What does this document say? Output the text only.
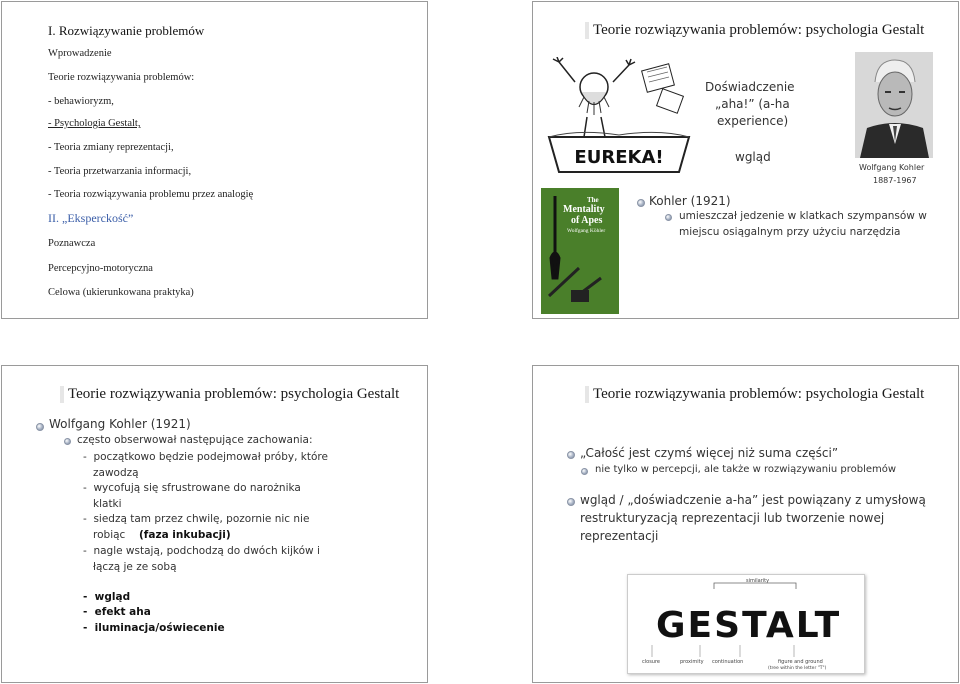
I. Rozwiązywanie problemów
Wprowadzenie
Teorie rozwiązywania problemów:
- behawioryzm,
- Psychologia Gestalt,
- Teoria zmiany reprezentacji,
- Teoria przetwarzania informacji,
- Teoria rozwiązywania problemu przez analogię
II. „Eksperckość”
Poznawcza
Percepcyjno-motoryczna
Celowa (ukierunkowana praktyka)
Teorie rozwiązywania problemów: psychologia Gestalt
EUREKA!
The
Mentality
of Apes
Wolfgang Köhler
Doświadczenie
„aha!” (a-ha
experience)
wgląd
Wolfgang Kohler
1887-1967
Kohler (1921)
umieszczał jedzenie w klatkach szympansów w
miejscu osiągalnym przy użyciu narzędzia
Teorie rozwiązywania problemów: psychologia Gestalt
Wolfgang Kohler (1921)
często obserwował następujące zachowania:
-  początkowo będzie podejmował próby, które
zawodzą
-  wycofują się sfrustrowane do narożnika
klatki
-  siedzą tam przez chwilę, pozornie nic nie
robiąc (faza inkubacji)
-  nagle wstają, podchodzą do dwóch kijków i
łączą je ze sobą
-  wgląd
-  efekt aha
-  iluminacja/oświecenie
Teorie rozwiązywania problemów: psychologia Gestalt
„Całość jest czymś więcej niż suma części”
nie tylko w percepcji, ale także w rozwiązywaniu problemów
wgląd / „doświadczenie a-ha” jest powiązany z umysłową
restrukturyzacją reprezentacji lub tworzenie nowej
reprezentacji
GESTALT
similarity
closure	proximity continuation	figure and ground
(tree within the letter "T")
